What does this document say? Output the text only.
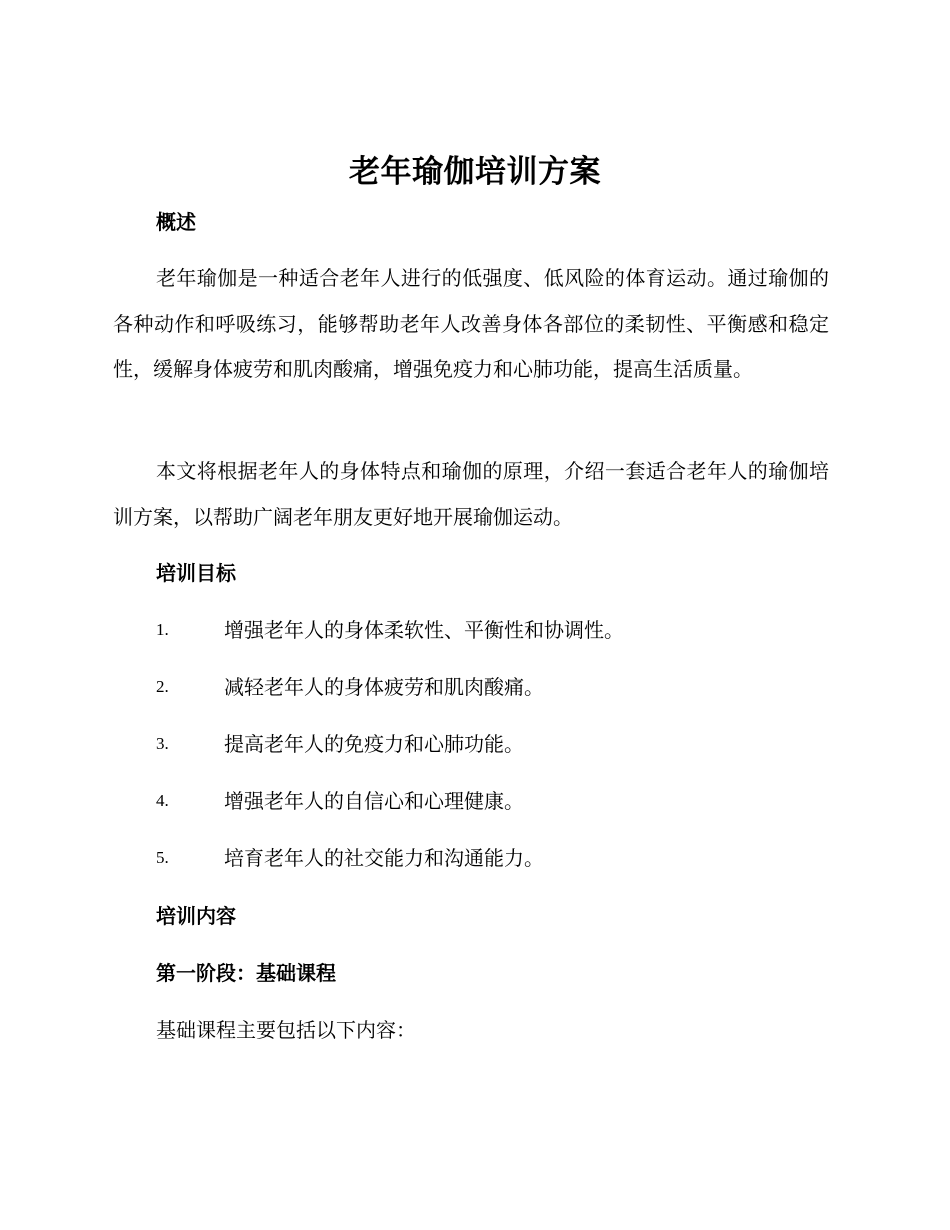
老年瑜伽培训方案
概述
老年瑜伽是一种适合老年人进行的低强度、低风险的体育运动。通过瑜伽的各种动作和呼吸练习，能够帮助老年人改善身体各部位的柔韧性、平衡感和稳定性，缓解身体疲劳和肌肉酸痛，增强免疫力和心肺功能，提高生活质量。
本文将根据老年人的身体特点和瑜伽的原理，介绍一套适合老年人的瑜伽培训方案，以帮助广阔老年朋友更好地开展瑜伽运动。
培训目标
1.	增强老年人的身体柔软性、平衡性和协调性。
2.	减轻老年人的身体疲劳和肌肉酸痛。
3.	提高老年人的免疫力和心肺功能。
4.	增强老年人的自信心和心理健康。
5.	培育老年人的社交能力和沟通能力。
培训内容
第一阶段：基础课程
基础课程主要包括以下内容：
